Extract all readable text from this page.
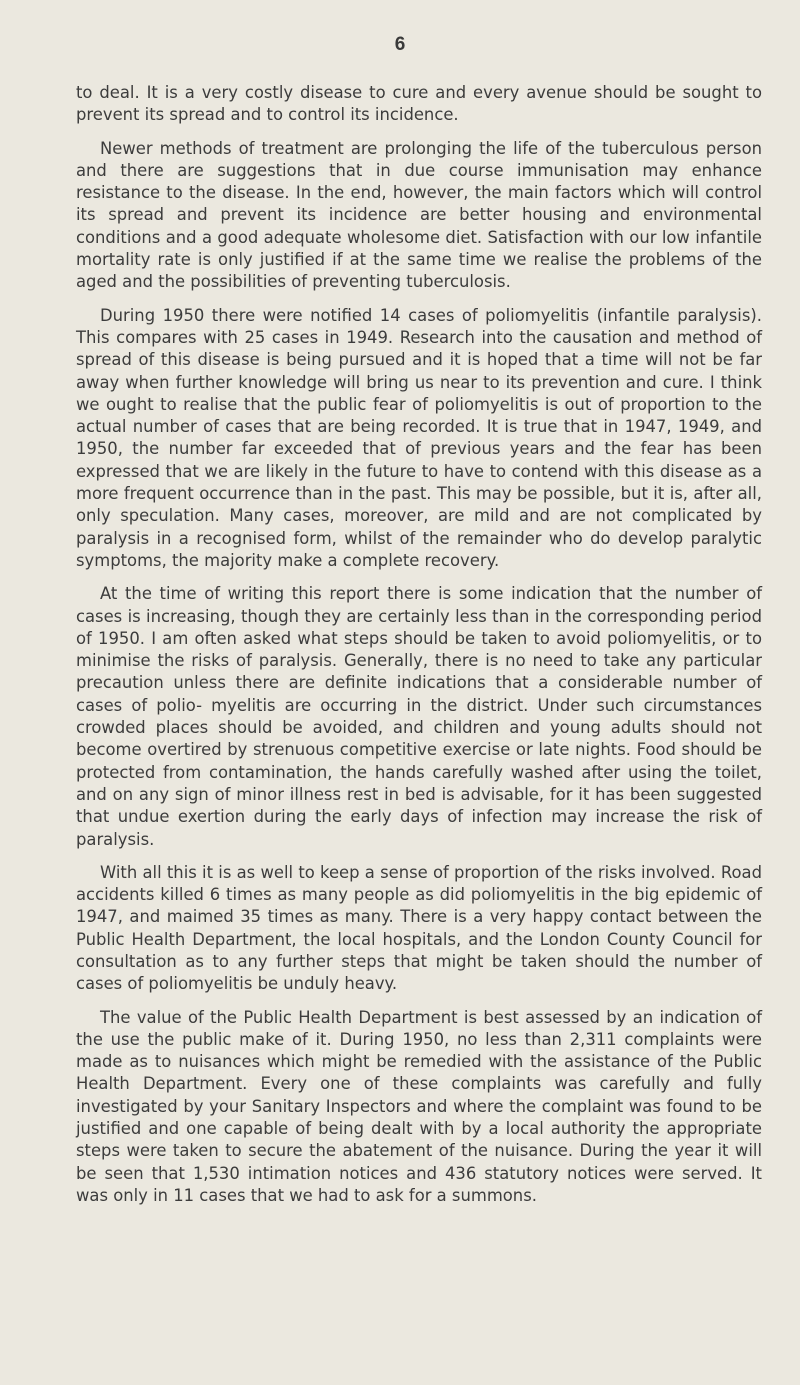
6

to deal. It is a very costly disease to cure and every avenue should be sought to prevent its spread and to control its incidence.

Newer methods of treatment are prolonging the life of the tuberculous person and there are suggestions that in due course immunisation may enhance resistance to the disease. In the end, however, the main factors which will control its spread and prevent its incidence are better housing and environmental conditions and a good adequate wholesome diet. Satisfaction with our low infantile mortality rate is only justified if at the same time we realise the problems of the aged and the possibilities of preventing tuberculosis.

During 1950 there were notified 14 cases of poliomyelitis (infantile paralysis). This compares with 25 cases in 1949. Research into the causation and method of spread of this disease is being pursued and it is hoped that a time will not be far away when further knowledge will bring us near to its prevention and cure. I think we ought to realise that the public fear of poliomyelitis is out of proportion to the actual number of cases that are being recorded. It is true that in 1947, 1949, and 1950, the number far exceeded that of previous years and the fear has been expressed that we are likely in the future to have to contend with this disease as a more frequent occurrence than in the past. This may be possible, but it is, after all, only speculation. Many cases, moreover, are mild and are not complicated by paralysis in a recognised form, whilst of the remainder who do develop paralytic symptoms, the majority make a complete recovery.

At the time of writing this report there is some indication that the number of cases is increasing, though they are certainly less than in the corresponding period of 1950. I am often asked what steps should be taken to avoid poliomyelitis, or to minimise the risks of paralysis. Generally, there is no need to take any particular precaution unless there are definite indications that a considerable number of cases of polio- myelitis are occurring in the district. Under such circumstances crowded places should be avoided, and children and young adults should not become overtired by strenuous competitive exercise or late nights. Food should be protected from contamination, the hands carefully washed after using the toilet, and on any sign of minor illness rest in bed is advisable, for it has been suggested that undue exertion during the early days of infection may increase the risk of paralysis.

With all this it is as well to keep a sense of proportion of the risks involved. Road accidents killed 6 times as many people as did poliomyelitis in the big epidemic of 1947, and maimed 35 times as many. There is a very happy contact between the Public Health Department, the local hospitals, and the London County Council for consultation as to any further steps that might be taken should the number of cases of poliomyelitis be unduly heavy.

The value of the Public Health Department is best assessed by an indication of the use the public make of it. During 1950, no less than 2,311 complaints were made as to nuisances which might be remedied with the assistance of the Public Health Department. Every one of these complaints was carefully and fully investigated by your Sanitary Inspectors and where the complaint was found to be justified and one capable of being dealt with by a local authority the appropriate steps were taken to secure the abatement of the nuisance. During the year it will be seen that 1,530 intimation notices and 436 statutory notices were served. It was only in 11 cases that we had to ask for a summons.
